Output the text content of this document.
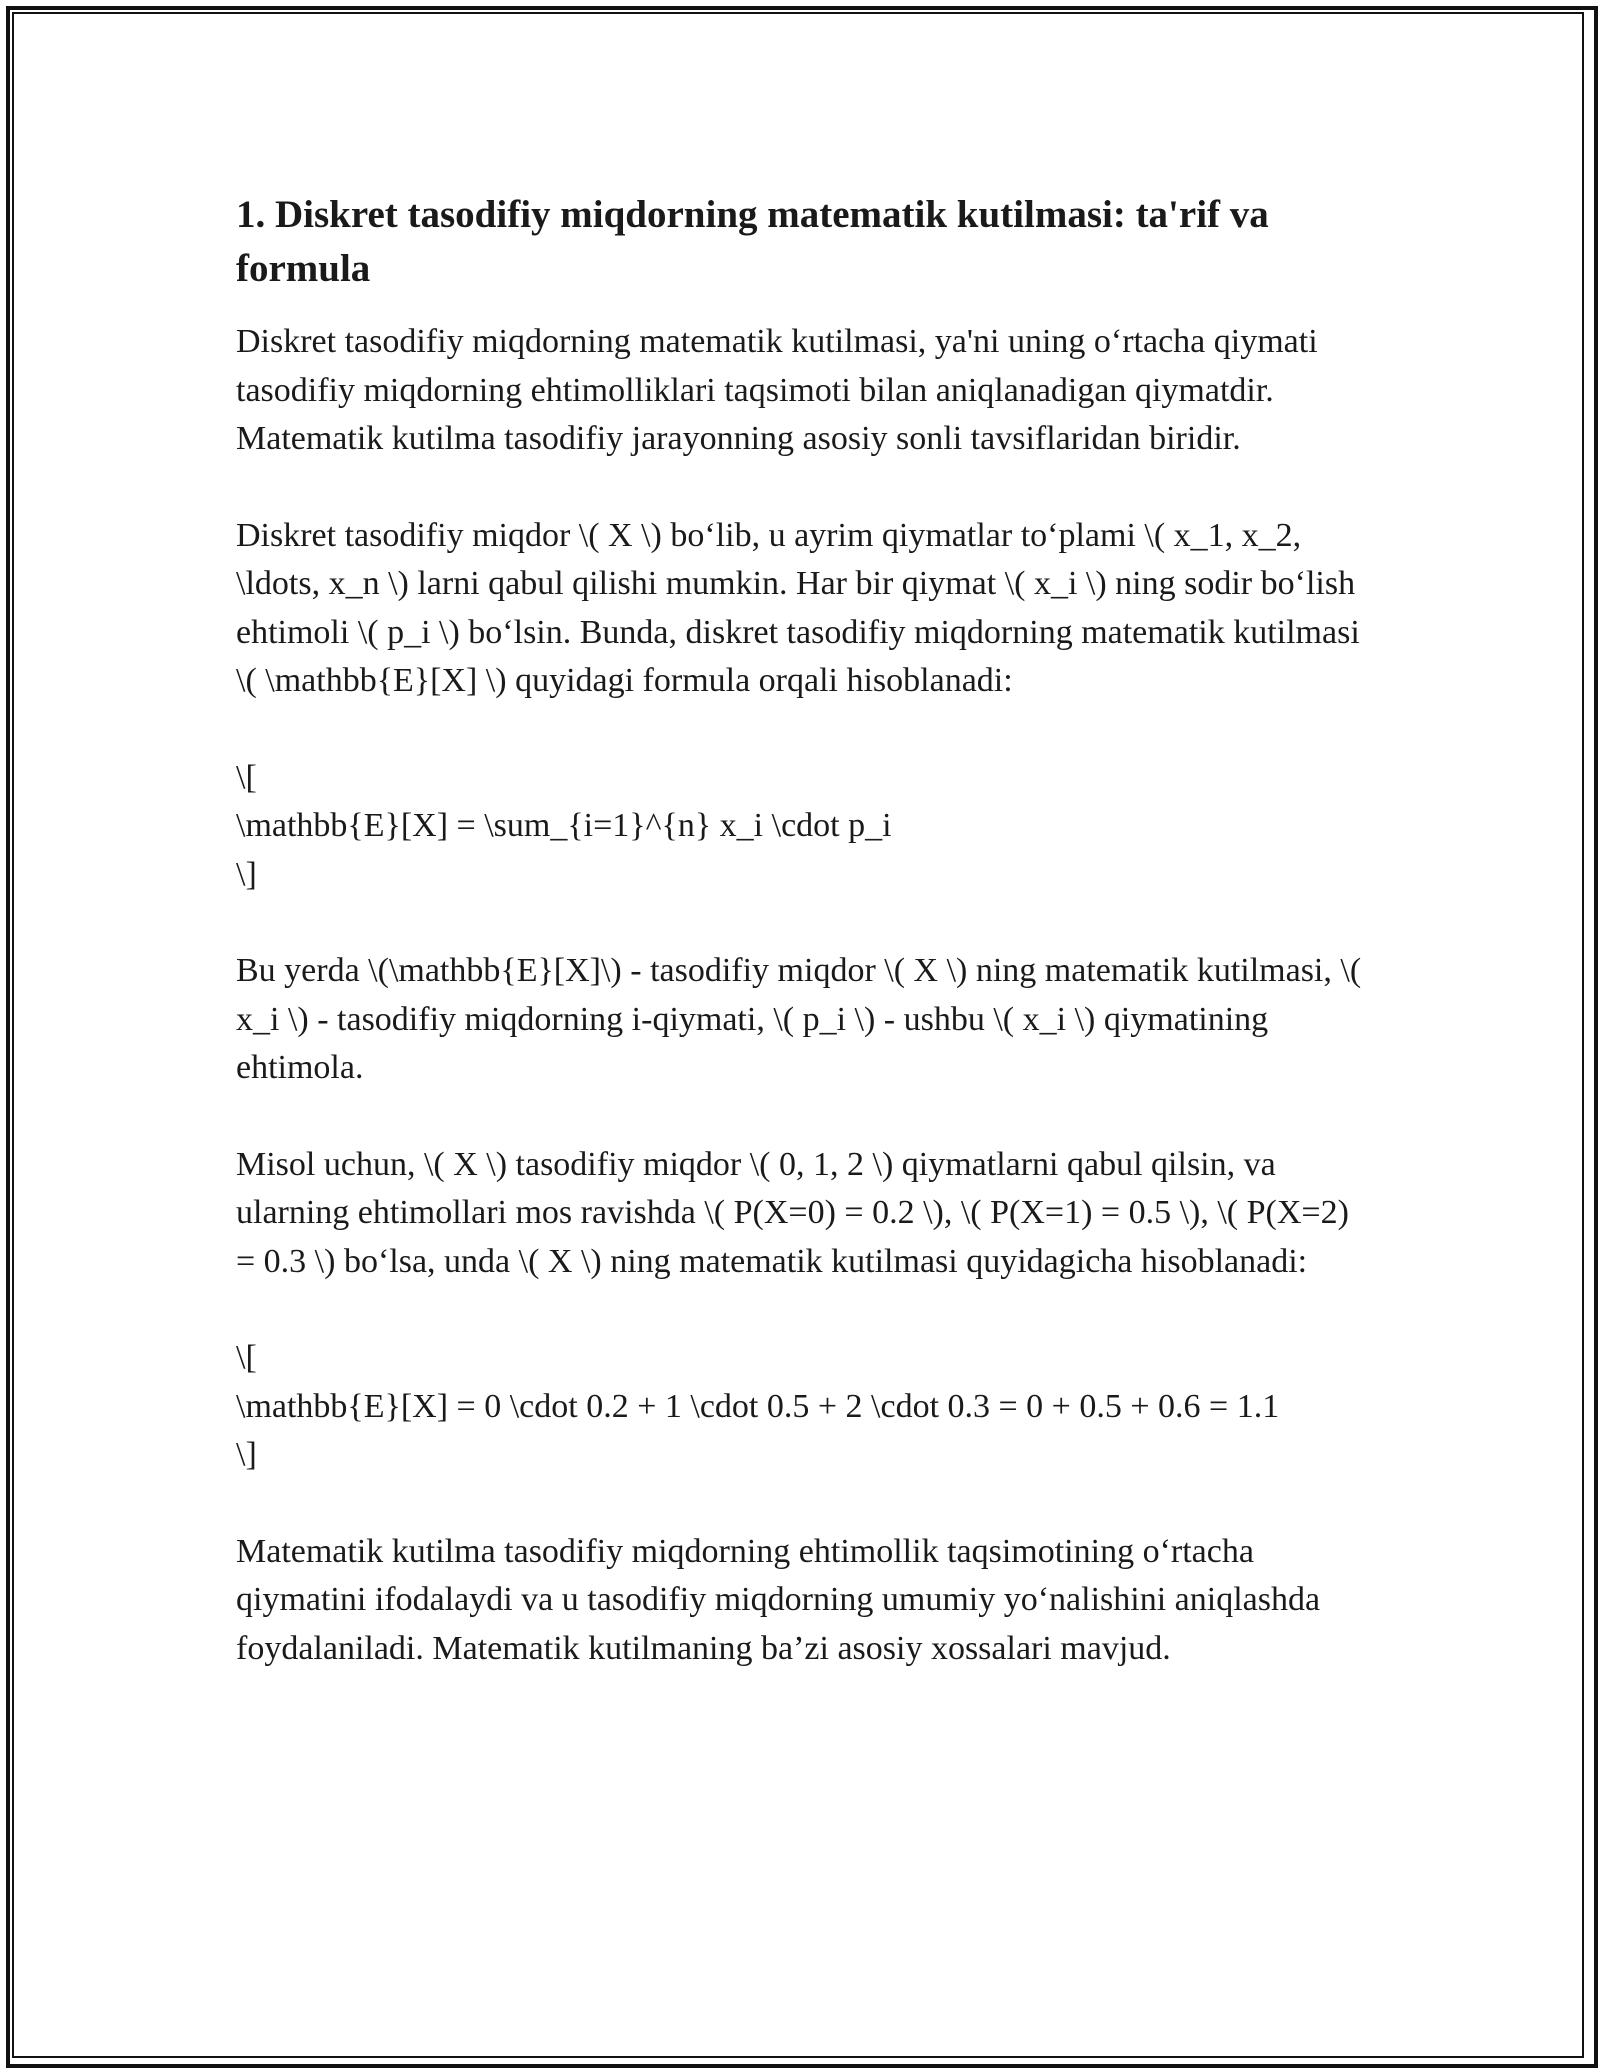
1. Diskret tasodifiy miqdorning matematik kutilmasi: ta'rif va formula

Diskret tasodifiy miqdorning matematik kutilmasi, ya'ni uning o‘rtacha qiymati tasodifiy miqdorning ehtimolliklari taqsimoti bilan aniqlanadigan qiymatdir. Matematik kutilma tasodifiy jarayonning asosiy sonli tavsiflaridan biridir.

Diskret tasodifiy miqdor \( X \) bo‘lib, u ayrim qiymatlar to‘plami \( x_1, x_2, \ldots, x_n \) larni qabul qilishi mumkin. Har bir qiymat \( x_i \) ning sodir bo‘lish ehtimoli \( p_i \) bo‘lsin. Bunda, diskret tasodifiy miqdorning matematik kutilmasi \( \mathbb{E}[X] \) quyidagi formula orqali hisoblanadi:

\[
\mathbb{E}[X] = \sum_{i=1}^{n} x_i \cdot p_i
\]

Bu yerda \(\mathbb{E}[X]\) - tasodifiy miqdor \( X \) ning matematik kutilmasi, \( x_i \) - tasodifiy miqdorning i-qiymati, \( p_i \) - ushbu \( x_i \) qiymatining ehtimola.

Misol uchun, \( X \) tasodifiy miqdor \( 0, 1, 2 \) qiymatlarni qabul qilsin, va ularning ehtimollari mos ravishda \( P(X=0) = 0.2 \), \( P(X=1) = 0.5 \), \( P(X=2) = 0.3 \) bo‘lsa, unda \( X \) ning matematik kutilmasi quyidagicha hisoblanadi:

\[
\mathbb{E}[X] = 0 \cdot 0.2 + 1 \cdot 0.5 + 2 \cdot 0.3 = 0 + 0.5 + 0.6 = 1.1
\]

Matematik kutilma tasodifiy miqdorning ehtimollik taqsimotining o‘rtacha qiymatini ifodalaydi va u tasodifiy miqdorning umumiy yo‘nalishini aniqlashda foydalaniladi. Matematik kutilmaning ba’zi asosiy xossalari mavjud.
